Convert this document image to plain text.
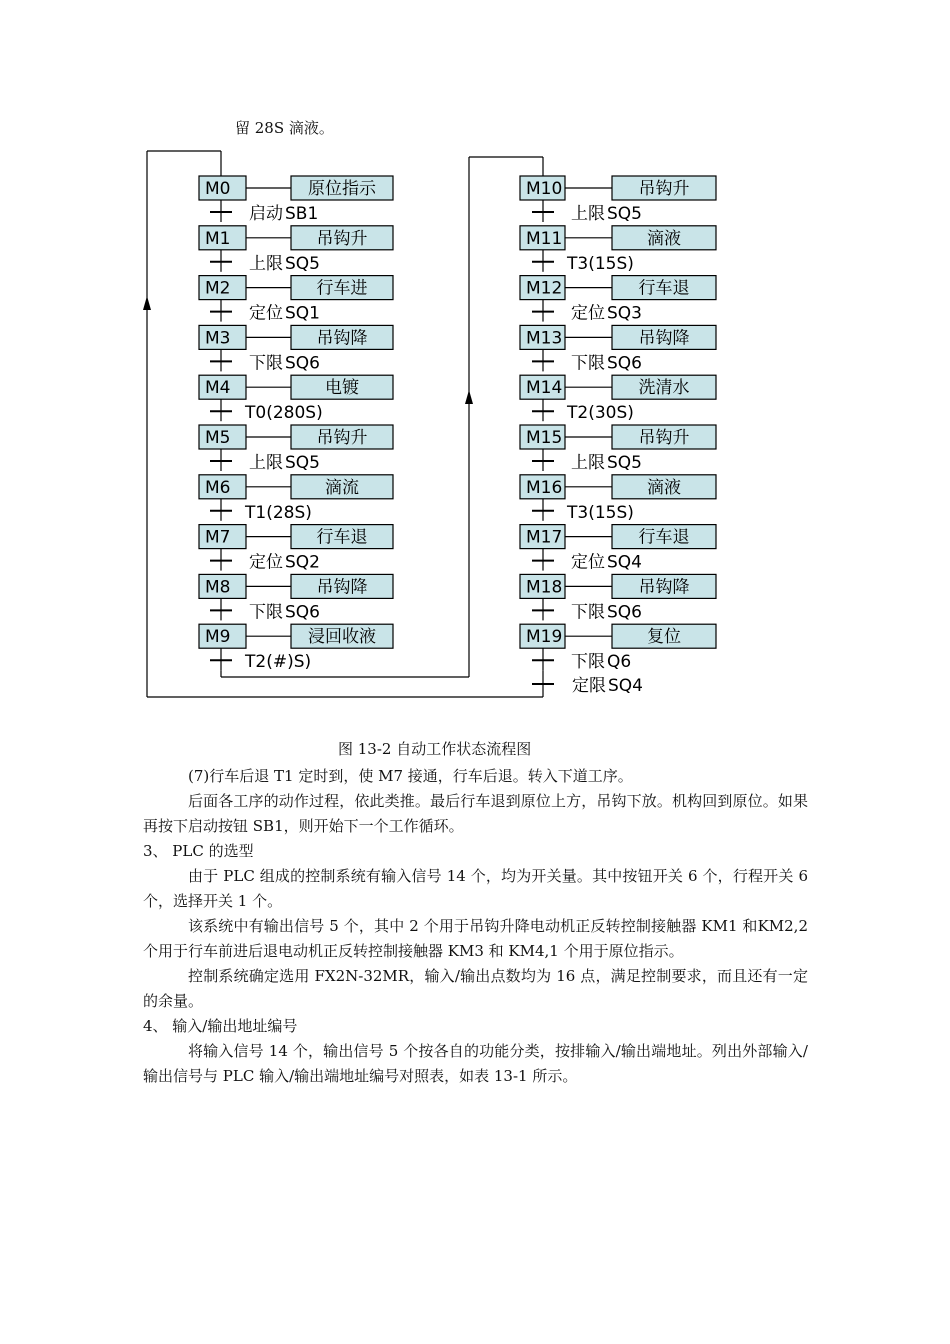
留 28S 滴液。
M0	原位指示
启动 SB1
M1	吊钩升
上限 SQ5
M2	行车进
定位 SQ1
M3	吊钩降
下限 SQ6
M4	电镀
T0(280S)
M5	吊钩升
上限 SQ5
M6	滴流
T1(28S)
M7	行车退
定位 SQ2
M8	吊钩降
下限 SQ6
M9	浸回收液
T2(#)S)
M10	吊钩升
上限 SQ5
M11	滴液
T3(15S)
M12	行车退
定位 SQ3
M13	吊钩降
下限 SQ6
M14	洗清水
T2(30S)
M15	吊钩升
上限 SQ5
M16	滴液
T3(15S)
M17	行车退
定位 SQ4
M18	吊钩降
下限 SQ6
M19	复位
下限 Q6
定限 SQ4
图 13-2 自动工作状态流程图
(7)行车后退 T1 定时到，使 M7 接通，行车后退。转入下道工序。
后面各工序的动作过程，依此类推。最后行车退到原位上方，吊钩下放。机构回到原位。如果再按下启动按钮 SB1，则开始下一个工作循环。
3、 PLC 的选型
由于 PLC 组成的控制系统有输入信号 14 个，均为开关量。其中按钮开关 6 个，行程开关 6 个，选择开关 1 个。
该系统中有输出信号 5 个，其中 2 个用于吊钩升降电动机正反转控制接触器 KM1 和KM2,2 个用于行车前进后退电动机正反转控制接触器 KM3 和 KM4,1 个用于原位指示。
控制系统确定选用 FX2N-32MR，输入/输出点数均为 16 点，满足控制要求，而且还有一定的余量。
4、 输入/输出地址编号
将输入信号 14 个，输出信号 5 个按各自的功能分类，按排输入/输出端地址。列出外部输入/输出信号与 PLC 输入/输出端地址编号对照表，如表 13-1 所示。
